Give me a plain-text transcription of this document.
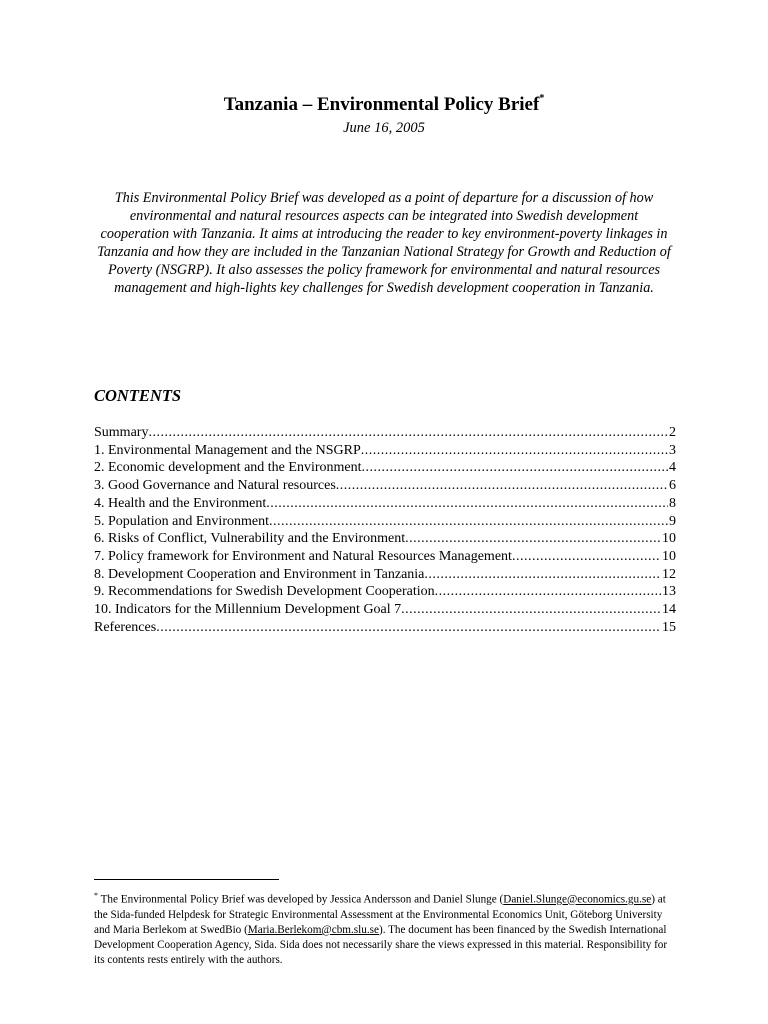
Tanzania – Environmental Policy Brief*
June 16, 2005
This Environmental Policy Brief was developed as a point of departure for a discussion of how environmental and natural resources aspects can be integrated into Swedish development cooperation with Tanzania. It aims at introducing the reader to key environment-poverty linkages in Tanzania and how they are included in the Tanzanian National Strategy for Growth and Reduction of Poverty (NSGRP). It also assesses the policy framework for environmental and natural resources management and high-lights key challenges for Swedish development cooperation in Tanzania.
CONTENTS
Summary .....	2
1. Environmental Management and the NSGRP .....	3
2. Economic development and the Environment .....	4
3. Good Governance and Natural resources .....	6
4. Health and the Environment .....	8
5. Population and Environment .....	9
6. Risks of Conflict, Vulnerability and the Environment .....	10
7. Policy framework for Environment and Natural Resources Management .....	10
8. Development Cooperation and Environment in Tanzania .....	12
9. Recommendations for Swedish Development Cooperation .....	13
10. Indicators for the Millennium Development Goal 7 .....	14
References .....	15
* The Environmental Policy Brief was developed by Jessica Andersson and Daniel Slunge (Daniel.Slunge@economics.gu.se) at the Sida-funded Helpdesk for Strategic Environmental Assessment at the Environmental Economics Unit, Göteborg University and Maria Berlekom at SwedBio (Maria.Berlekom@cbm.slu.se). The document has been financed by the Swedish International Development Cooperation Agency, Sida. Sida does not necessarily share the views expressed in this material. Responsibility for its contents rests entirely with the authors.
